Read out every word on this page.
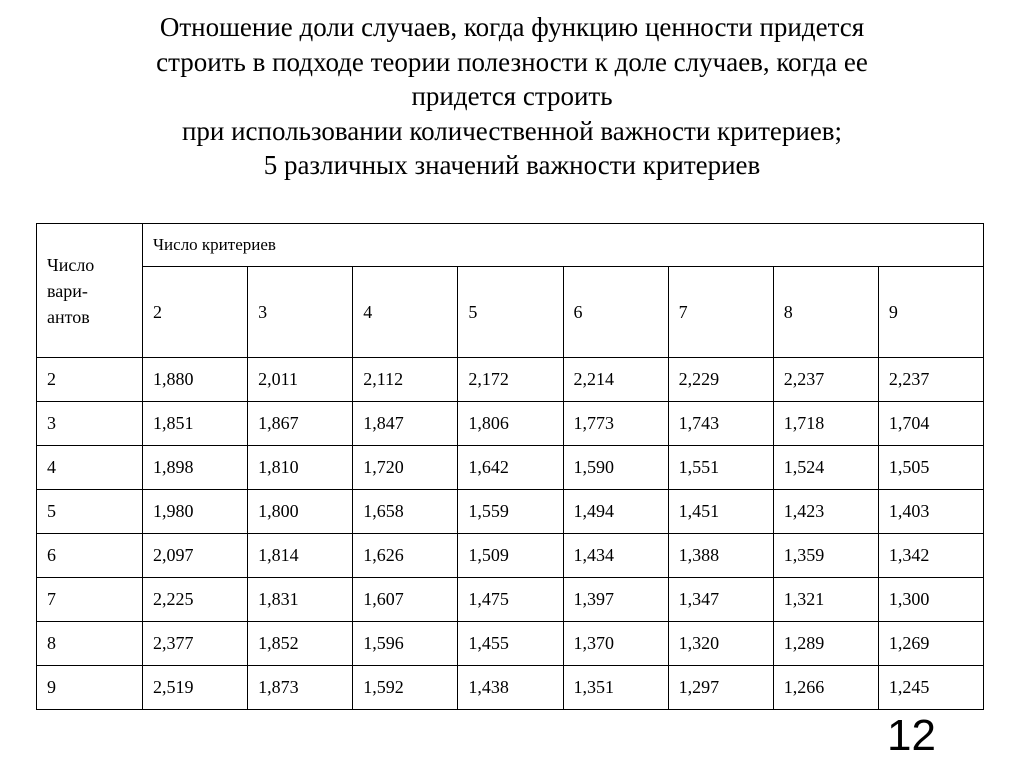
Отношение доли случаев, когда функцию ценности придется
строить в подходе теории полезности к доле случаев, когда ее
придется строить
при использовании количественной важности критериев;
5 различных значений важности критериев
Число
вари-
антов	Число критериев							
	2	3	4	5	6	7	8	9
2	1,880	2,011	2,112	2,172	2,214	2,229	2,237	2,237
3	1,851	1,867	1,847	1,806	1,773	1,743	1,718	1,704
4	1,898	1,810	1,720	1,642	1,590	1,551	1,524	1,505
5	1,980	1,800	1,658	1,559	1,494	1,451	1,423	1,403
6	2,097	1,814	1,626	1,509	1,434	1,388	1,359	1,342
7	2,225	1,831	1,607	1,475	1,397	1,347	1,321	1,300
8	2,377	1,852	1,596	1,455	1,370	1,320	1,289	1,269
9	2,519	1,873	1,592	1,438	1,351	1,297	1,266	1,245
12
